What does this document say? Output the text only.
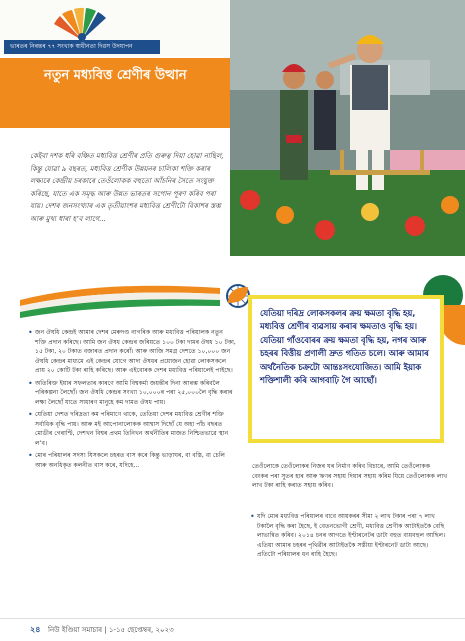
ভাৰতৰ নিৰন্তৰ ৭৭ সংখ্যক স্বাধীনতা দিৱস উদযাপন
নতুন মধ্যবিত্ত শ্ৰেণীৰ উত্থান
কেইবা দশক ধৰি বঞ্চিত মধ্যবিত্ত শ্ৰেণীৰ প্ৰতি গুৰুত্ব দিয়া হোৱা নাছিল, কিন্তু যোৱা ৯ বছৰত, মধ্যবিত্ত শ্ৰেণীক উন্নয়নৰ চালিকা শক্তি কৰাৰ লক্ষ্যৰে কেন্দ্ৰীয় চৰকাৰে তেওঁলোকক বহুতো আঁচনিৰ সৈতে সংযুক্ত কৰিছে, যাতে এক সমৃদ্ধ আৰু উন্নত ভাৰতৰ সপোন পূৰণ কৰিব পৰা যায়। দেশৰ জনসংখ্যাৰ এক তৃতীয়াংশৰ মধ্যবিত্ত শ্ৰেণীটো বিকাশৰ স্তম্ভ আৰু মুখ্য ধাৰা হ’ব লাগে...
• জন ঔষধি কেন্দ্ৰই আমাৰ দেশৰ মেৰুদণ্ড নাগৰিক আৰু মধ্যবিত্ত পৰিয়ালক নতুন শক্তি প্ৰদান কৰিছে। আমি জন ঔষধ কেন্দ্ৰৰ জৰিয়তে ১০০ টকা দামৰ ঔষধ ১০ টকা, ১৫ টকা, ২০ টকাত বজাৰত প্ৰদান কৰোঁ। আৰু আজি সমগ্ৰ দেশতে ১০,০০০ জন ঔষধি কেন্দ্ৰৰ মাধ্যমে এই কেন্দ্ৰৰ যোগে আদা ঔষধৰ প্ৰয়োজন হোৱা লোকসকলে প্ৰায় ২০ কোটি টকা ৰাহি কৰিছে। আৰু এইবোৰক দেশৰ মধ্যবিত্ত পৰিয়ালেই পাইছে।
• অতিৰিক্ত ইয়াৰ সফলতাৰ কাৰণে আমি বিশ্বকৰ্মা জয়ন্তীৰ দিনা আৰম্ভ কৰিবলৈ পৰিকল্পনা লৈছোঁ। জন ঔষধি কেন্দ্ৰৰ সংখ্যা ১০,০০০ৰ পৰা ২৫,০০০লৈ বৃদ্ধি কৰাৰ লক্ষ্য লৈছোঁ যাতে সাধাৰণ মানুহে কম দামত ঔষধ পায়।
• যেতিয়া দেশত দৰিদ্ৰতা কম পৰিমাণে থাকে, তেতিয়া দেশৰ মধ্যবিত্ত শ্ৰেণীৰ শক্তি সৰ্বাধিক বৃদ্ধি পায়। আৰু মই আপোনালোকক আশ্বাস দিছোঁ যে অহা পাঁচ বছৰত মোডীৰ গেৰাণ্টি, দেশখন বিশ্বৰ প্ৰথম তিনিখন অৰ্থনীতিৰ মাজত নিশ্চিতভাৱে স্থান ল’ব।
• মোৰ পৰিয়ালৰ সদস্য যিসকলে চহৰত বাস কৰে কিন্তু ভাড়াঘৰ, বা বস্তি, বা চেলি আৰু অনধিকৃত কলনীত বাস কৰে, যদিহে...
যেতিয়া দৰিদ্ৰ লোকসকলৰ ক্ৰয় ক্ষমতা বৃদ্ধি হয়, মধ্যবিত্ত শ্ৰেণীৰ ব্যৱসায় কৰাৰ ক্ষমতাও বৃদ্ধি হয়। যেতিয়া গাঁওবোৰৰ ক্ৰয় ক্ষমতা বৃদ্ধি হয়, নগৰ আৰু চহৰৰ বিত্তীয় প্ৰণালী দ্ৰুত গতিত চলে। আৰু আমাৰ অৰ্থনৈতিক চক্ৰটো আন্তঃসংযোজিত। আমি ইয়াক শক্তিশালী কৰি আগবাঢ়ি গৈ আছোঁ।

তেওঁলোকে তেওঁলোকৰ নিজৰ ঘৰ নিৰ্মাণ কৰিব বিচাৰে, আমি তেওঁলোকক বেংকৰ পৰা সুতৰ হাৰ আৰু ঋণৰ সহায় দিয়াৰ সহায় কৰিম যিয়ে তেওঁলোকক লাখ লাখ টকা ৰাহি কৰাত সহায় কৰিব।

• যদি মোৰ মধ্যবিত্ত পৰিয়ালৰ বাবে আয়কৰৰ সীমা ২ লাখ টকাৰ পৰা ৭ লাখ টকালৈ বৃদ্ধি কৰা হৈছে, ই বেতনভোগী শ্ৰেণী, মধ্যবিত্ত শ্ৰেণীক আটাইতকৈ বেছি লাভান্বিত কৰিব। ২০১৪ চনৰ আগতে ইণ্টাৰনেটৰ ডাটা বহুত ব্যয়বহুল আছিল। এতিয়া আমাৰ চহৰৰ পৃথিৱীৰ আটাইতকৈ সস্তীয়া ইণ্টাৰনেট ডাটা আছে। প্ৰতিটো পৰিয়ালৰ ধন ৰাহি হৈছে।
২৪ নিউ ইণ্ডিয়া সমাচাৰ | ১-১৫ ছেপ্তেম্বৰ, ২০২৩
